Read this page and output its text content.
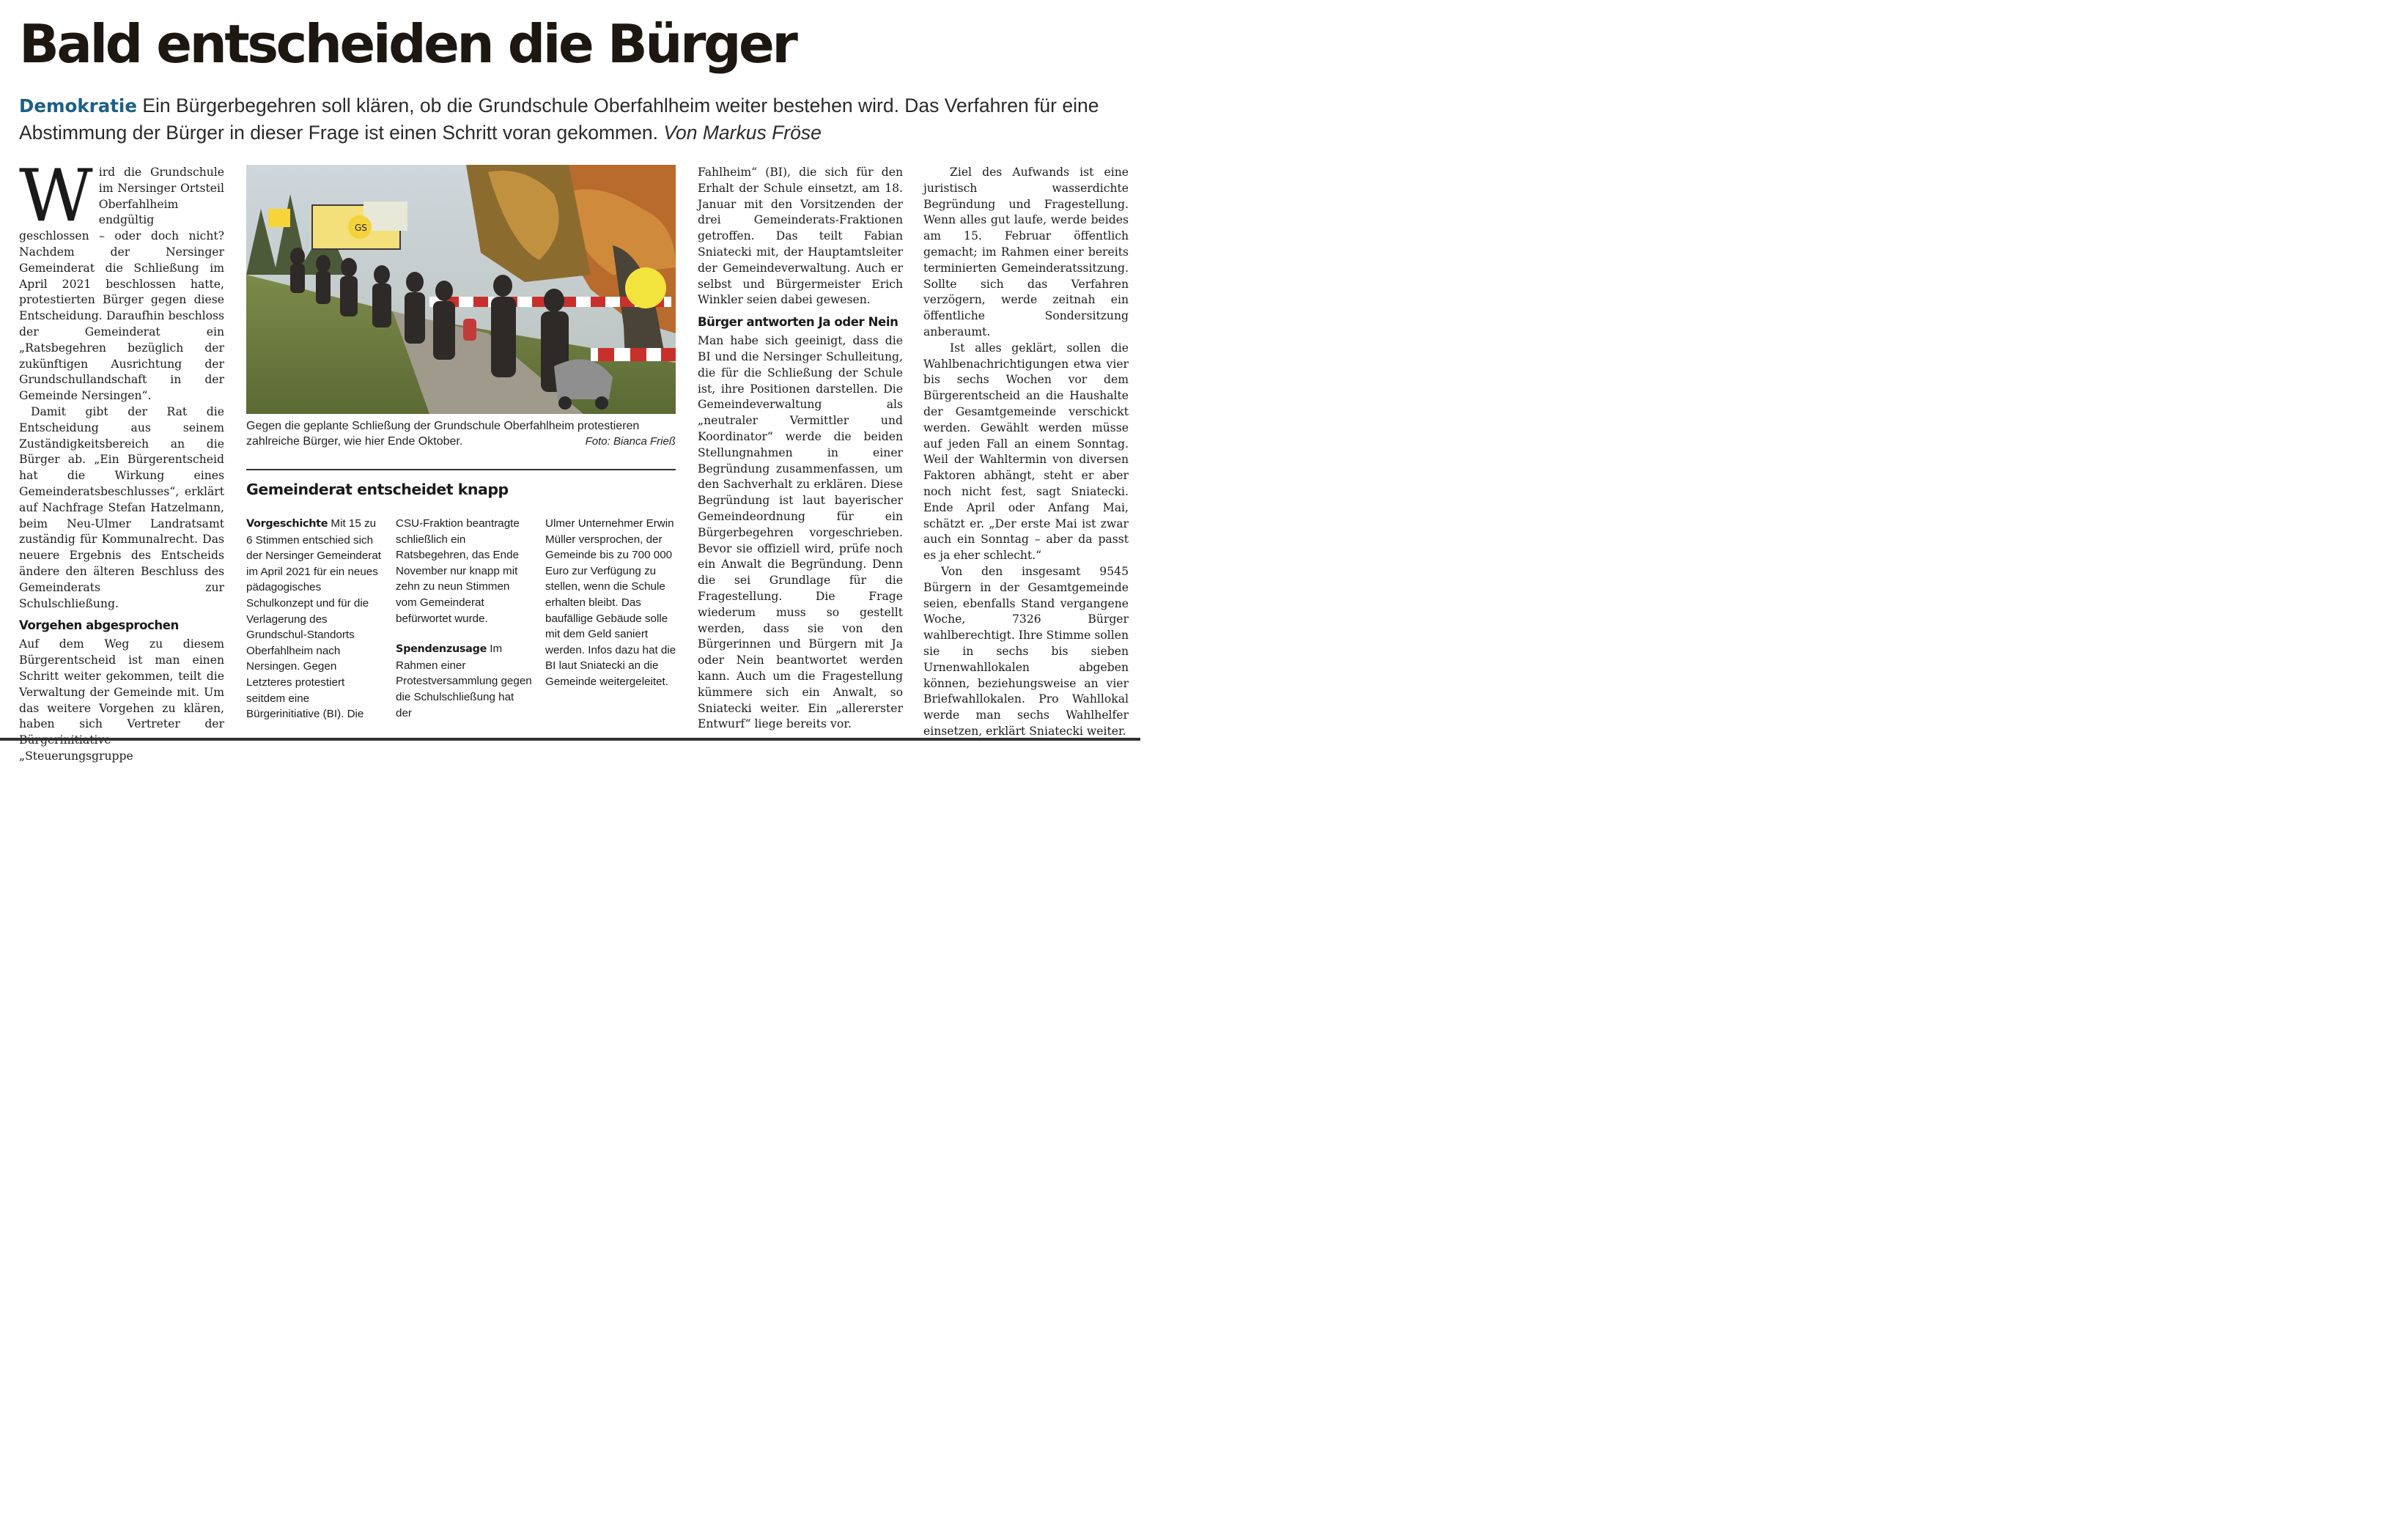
Bald entscheiden die Bürger
Demokratie Ein Bürgerbegehren soll klären, ob die Grundschule Oberfahlheim weiter bestehen wird. Das Verfahren für eine Abstimmung der Bürger in dieser Frage ist einen Schritt voran gekommen. Von Markus Fröse

Wird die Grundschule im Nersinger Ortsteil Oberfahlheim endgültig geschlossen – oder doch nicht? Nachdem der Nersinger Gemeinderat die Schließung im April 2021 beschlossen hatte, protestierten Bürger gegen diese Entscheidung. Daraufhin beschloss der Gemeinderat ein „Ratsbegehren bezüglich der zukünftigen Ausrichtung der Grundschullandschaft in der Gemeinde Nersingen“.

Damit gibt der Rat die Entscheidung aus seinem Zuständigkeitsbereich an die Bürger ab. „Ein Bürgerentscheid hat die Wirkung eines Gemeinderatsbeschlusses“, erklärt auf Nachfrage Stefan Hatzelmann, beim Neu-Ulmer Landratsamt zuständig für Kommunalrecht. Das neuere Ergebnis des Entscheids ändere den älteren Beschluss des Gemeinderats zur Schulschließung.

Vorgehen abgesprochen

Auf dem Weg zu diesem Bürgerentscheid ist man einen Schritt weiter gekommen, teilt die Verwaltung der Gemeinde mit. Um das weitere Vorgehen zu klären, haben sich Vertreter der „Steuerungsgruppe

GS
Gegen die geplante Schließung der Grundschule Oberfahlheim protestieren zahlreiche Bürger, wie hier Ende Oktober.	Foto: Bianca Frieß
Gemeinderat entscheidet knapp

Vorgeschichte Mit 15 zu 6 Stimmen entschied sich der Nersinger Gemeinderat im April 2021 für ein neues pädagogisches Schulkonzept und für die Verlagerung des Grundschul-Standorts Oberfahlheim nach Nersingen. Gegen Letzteres protestiert seitdem eine Bürgerinitiative (BI). Die

CSU-Fraktion beantragte schließlich ein Ratsbegehren, das Ende November nur knapp mit zehn zu neun Stimmen vom Gemeinderat befürwortet wurde.

Spendenzusage Im Rahmen einer Protestversammlung gegen die Schulschließung hat der

Ulmer Unternehmer Erwin Müller versprochen, der Gemeinde bis zu 700 000 Euro zur Verfügung zu stellen, wenn die Schule erhalten bleibt. Das baufällige Gebäude solle mit dem Geld saniert werden. Infos dazu hat die BI laut Sniatecki an die Gemeinde weitergeleitet.

Fahlheim“ (BI), die sich für den Erhalt der Schule einsetzt, am 18. Januar mit den Vorsitzenden der drei Gemeinderats-Fraktionen getroffen. Das teilt Fabian Sniatecki mit, der Hauptamtsleiter der Gemeindeverwaltung. Auch er selbst und Bürgermeister Erich Winkler seien dabei gewesen.

Bürger antworten Ja oder Nein

Man habe sich geeinigt, dass die BI und die Nersinger Schulleitung, die für die Schließung der Schule ist, ihre Positionen darstellen. Die Gemeindeverwaltung als „neutraler Vermittler und Koordinator“ werde die beiden Stellungnahmen in einer Begründung zusammenfassen, um den Sachverhalt zu erklären. Diese Begründung ist laut bayerischer Gemeindeordnung für ein Bürgerbegehren vorgeschrieben. Bevor sie offiziell wird, prüfe noch ein Anwalt die Begründung. Denn die sei Grundlage für die Fragestellung. Die Frage wiederum muss so gestellt werden, dass sie von den Bürgerinnen und Bürgern mit Ja oder Nein beantwortet werden kann. Auch um die Fragestellung kümmere sich ein Anwalt, so Sniatecki weiter. Ein „allererster Entwurf“ liege bereits vor.

Ziel des Aufwands ist eine juristisch wasserdichte Begründung und Fragestellung. Wenn alles gut laufe, werde beides am 15. Februar öffentlich gemacht; im Rahmen einer bereits terminierten Gemeinderatssitzung. Sollte sich das Verfahren verzögern, werde zeitnah ein öffentliche Sondersitzung anberaumt.

Ist alles geklärt, sollen die Wahlbenachrichtigungen etwa vier bis sechs Wochen vor dem Bürgerentscheid an die Haushalte der Gesamtgemeinde verschickt werden. Gewählt werden müsse auf jeden Fall an einem Sonntag. Weil der Wahltermin von diversen Faktoren abhängt, steht er aber noch nicht fest, sagt Sniatecki. Ende April oder Anfang Mai, schätzt er. „Der erste Mai ist zwar auch ein Sonntag – aber da passt es ja eher schlecht.“

Von den insgesamt 9545 Bürgern in der Gesamtgemeinde seien, ebenfalls Stand vergangene Woche, 7326 Bürger wahlberechtigt. Ihre Stimme sollen sie in sechs bis sieben Urnenwahllokalen abgeben können, beziehungsweise an vier Briefwahllokalen. Pro Wahllokal werde man sechs Wahlhelfer einsetzen, erklärt Sniatecki weiter.
